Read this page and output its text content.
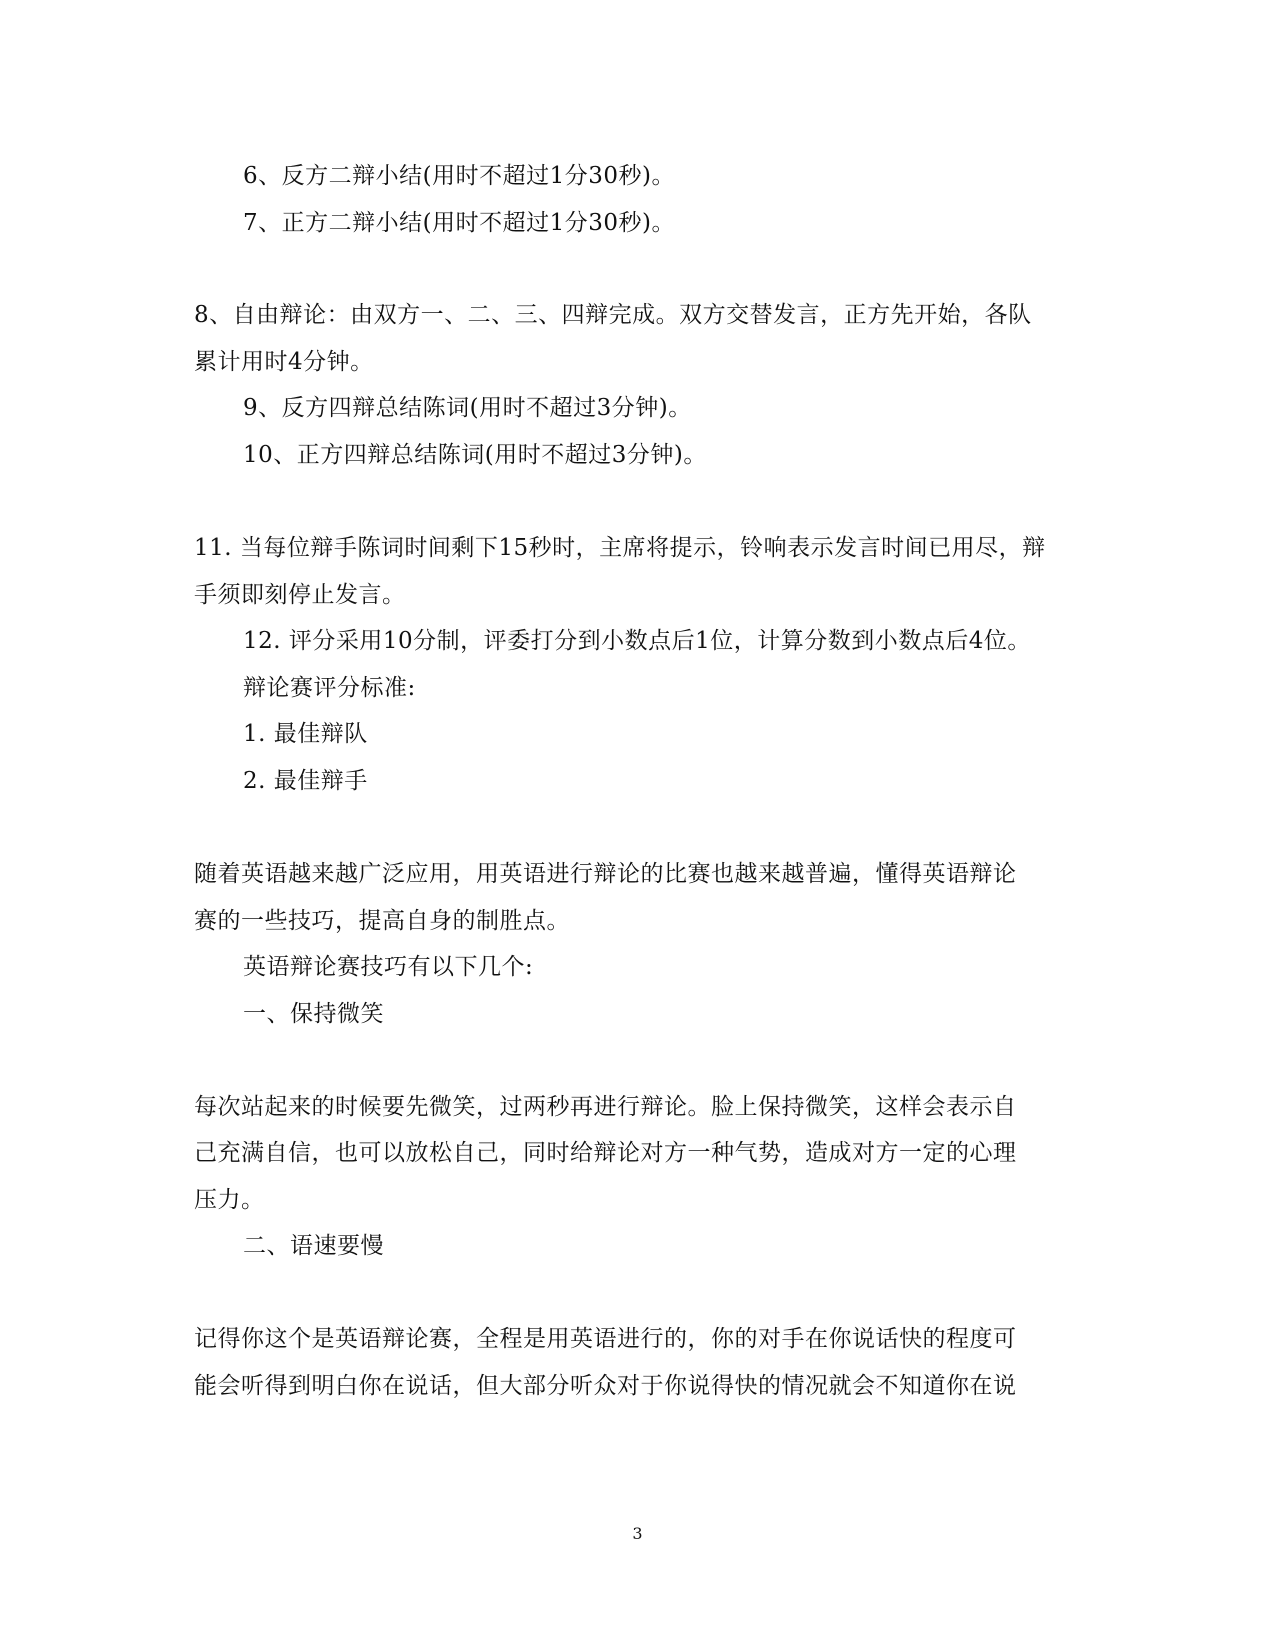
6、反方二辩小结(用时不超过1分30秒)。
7、正方二辩小结(用时不超过1分30秒)。
8、自由辩论：由双方一、二、三、四辩完成。双方交替发言，正方先开始，各队
累计用时4分钟。
9、反方四辩总结陈词(用时不超过3分钟)。
10、正方四辩总结陈词(用时不超过3分钟)。
11. 当每位辩手陈词时间剩下15秒时，主席将提示，铃响表示发言时间已用尽，辩
手须即刻停止发言。
12. 评分采用10分制，评委打分到小数点后1位，计算分数到小数点后4位。
辩论赛评分标准:
1. 最佳辩队
2. 最佳辩手
随着英语越来越广泛应用，用英语进行辩论的比赛也越来越普遍，懂得英语辩论
赛的一些技巧，提高自身的制胜点。
英语辩论赛技巧有以下几个:
一、保持微笑
每次站起来的时候要先微笑，过两秒再进行辩论。脸上保持微笑，这样会表示自
己充满自信，也可以放松自己，同时给辩论对方一种气势，造成对方一定的心理
压力。
二、语速要慢
记得你这个是英语辩论赛，全程是用英语进行的，你的对手在你说话快的程度可
能会听得到明白你在说话，但大部分听众对于你说得快的情况就会不知道你在说
3
